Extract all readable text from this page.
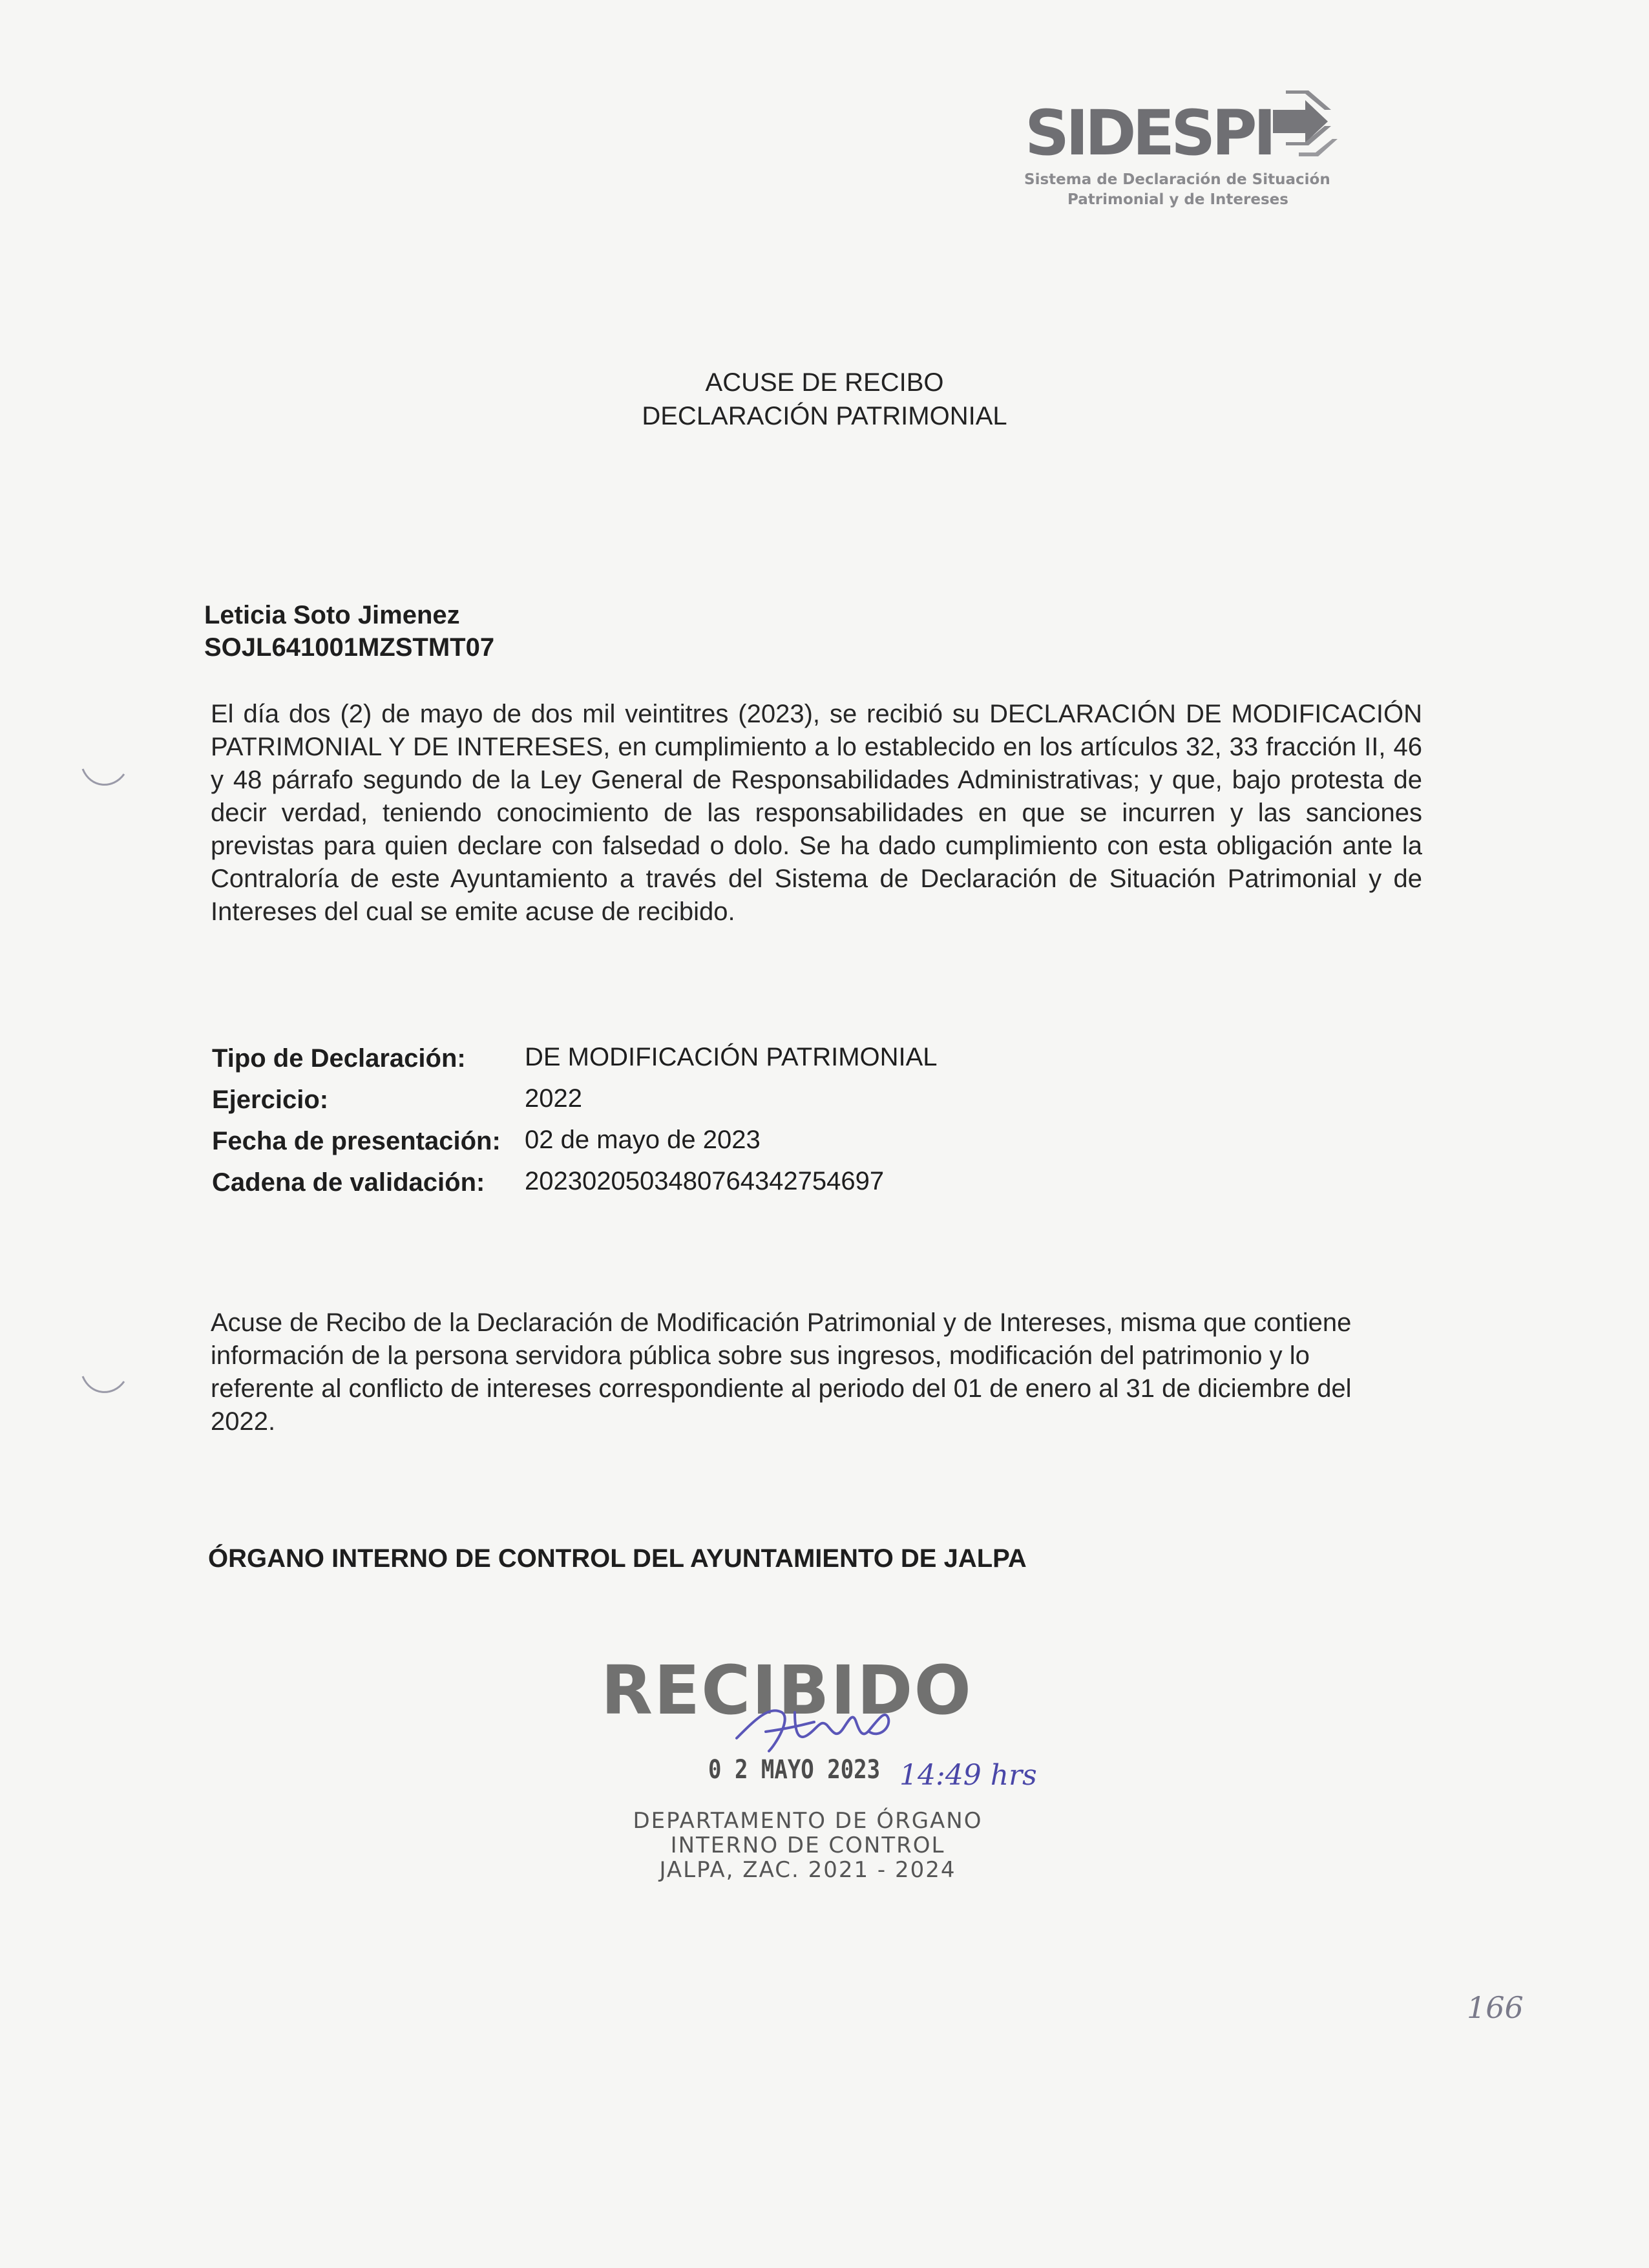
SIDESPI
Sistema de Declaración de Situación
Patrimonial y de Intereses
ACUSE DE RECIBO
DECLARACIÓN PATRIMONIAL
Leticia Soto Jimenez
SOJL641001MZSTMT07
El día dos (2) de mayo de dos mil veintitres (2023), se recibió su DECLARACIÓN DE MODIFICACIÓN PATRIMONIAL Y DE INTERESES, en cumplimiento a lo establecido en los artículos 32, 33 fracción II, 46 y 48 párrafo segundo de la Ley General de Responsabilidades Administrativas; y que, bajo protesta de decir verdad, teniendo conocimiento de las responsabilidades en que se incurren y las sanciones previstas para quien declare con falsedad o dolo. Se ha dado cumplimiento con esta obligación ante la Contraloría de este Ayuntamiento a través del Sistema de Declaración de Situación Patrimonial y de Intereses del cual se emite acuse de recibido.
Tipo de Declaración: DE MODIFICACIÓN PATRIMONIAL
Ejercicio:	2022
Fecha de presentación: 02 de mayo de 2023
Cadena de validación: 2023020503480764342754697
Acuse de Recibo de la Declaración de Modificación Patrimonial y de Intereses, misma que contiene información de la persona servidora pública sobre sus ingresos, modificación del patrimonio y lo referente al conflicto de intereses correspondiente al periodo del 01 de enero al 31 de diciembre del 2022.
ÓRGANO INTERNO DE CONTROL DEL AYUNTAMIENTO DE JALPA
RECIBIDO
0 2 MAYO 2023 14:49 hrs
DEPARTAMENTO DE ÓRGANO
INTERNO DE CONTROL
JALPA, ZAC. 2021 - 2024
166
